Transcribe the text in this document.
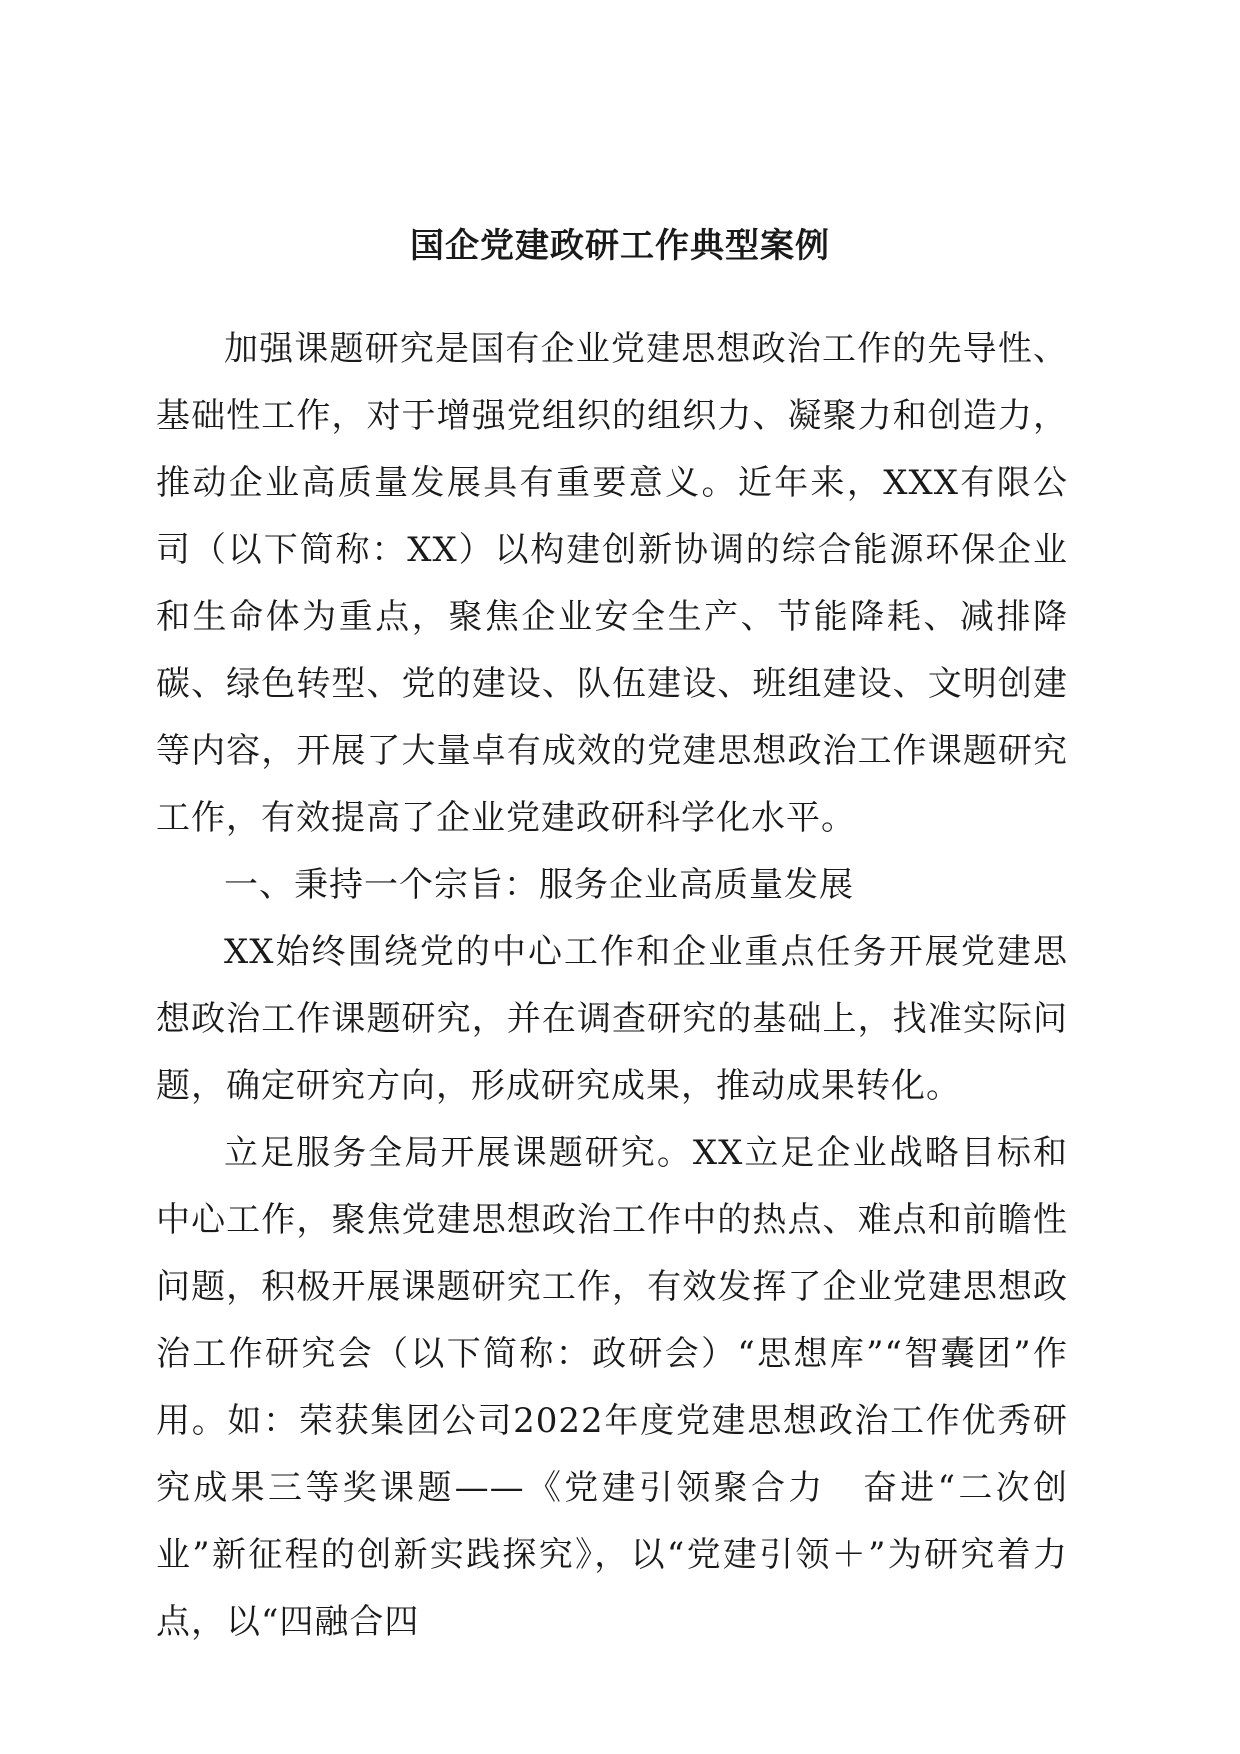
国企党建政研工作典型案例

加强课题研究是国有企业党建思想政治工作的先导性、基础性工作，对于增强党组织的组织力、凝聚力和创造力，推动企业高质量发展具有重要意义。近年来，XXX有限公司（以下简称：XX）以构建创新协调的综合能源环保企业和生命体为重点，聚焦企业安全生产、节能降耗、减排降碳、绿色转型、党的建设、队伍建设、班组建设、文明创建等内容，开展了大量卓有成效的党建思想政治工作课题研究工作，有效提高了企业党建政研科学化水平。

一、秉持一个宗旨：服务企业高质量发展

XX始终围绕党的中心工作和企业重点任务开展党建思想政治工作课题研究，并在调查研究的基础上，找准实际问题，确定研究方向，形成研究成果，推动成果转化。

立足服务全局开展课题研究。XX立足企业战略目标和中心工作，聚焦党建思想政治工作中的热点、难点和前瞻性问题，积极开展课题研究工作，有效发挥了企业党建思想政治工作研究会（以下简称：政研会）“思想库”“智囊团”作用。如：荣获集团公司2022年度党建思想政治工作优秀研究成果三等奖课题——《党建引领聚合力　奋进“二次创业”新征程的创新实践探究》，以“党建引领＋”为研究着力点，以“四融合四
